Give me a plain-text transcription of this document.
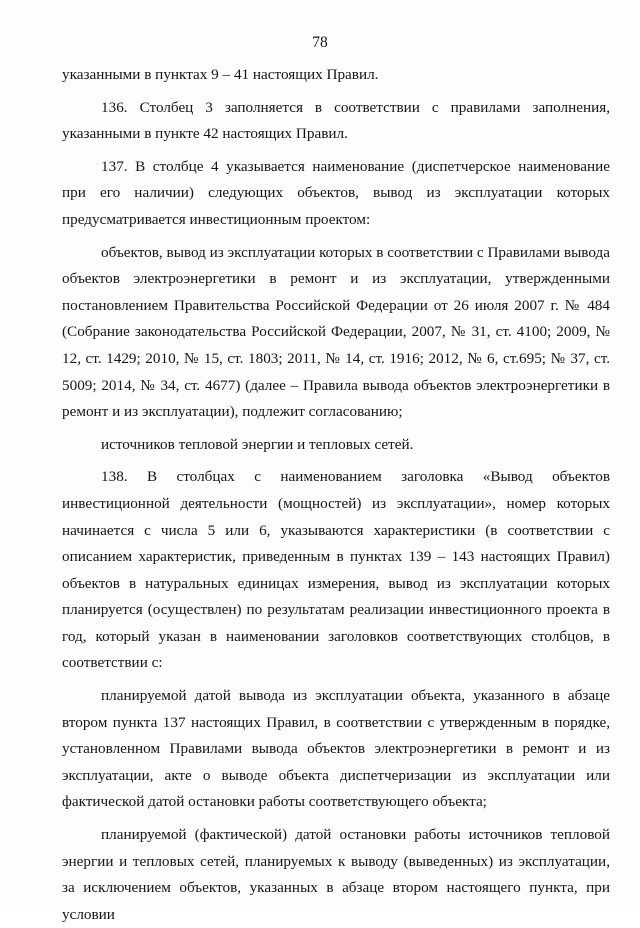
78

указанными в пунктах 9 – 41 настоящих Правил.

136. Столбец 3 заполняется в соответствии с правилами заполнения, указанными в пункте 42 настоящих Правил.

137. В столбце 4 указывается наименование (диспетчерское наименование при его наличии) следующих объектов, вывод из эксплуатации которых предусматривается инвестиционным проектом:

объектов, вывод из эксплуатации которых в соответствии с Правилами вывода объектов электроэнергетики в ремонт и из эксплуатации, утвержденными постановлением Правительства Российской Федерации от 26 июля 2007 г. № 484 (Собрание законодательства Российской Федерации, 2007, № 31, ст. 4100; 2009, № 12, ст. 1429; 2010, № 15, ст. 1803; 2011, № 14, ст. 1916; 2012, № 6, ст.695; № 37, ст. 5009; 2014, № 34, ст. 4677) (далее – Правила вывода объектов электроэнергетики в ремонт и из эксплуатации), подлежит согласованию;

источников тепловой энергии и тепловых сетей.

138. В столбцах с наименованием заголовка «Вывод объектов инвестиционной деятельности (мощностей) из эксплуатации», номер которых начинается с числа 5 или 6, указываются характеристики (в соответствии с описанием характеристик, приведенным в пунктах 139 – 143 настоящих Правил) объектов в натуральных единицах измерения, вывод из эксплуатации которых планируется (осуществлен) по результатам реализации инвестиционного проекта в год, который указан в наименовании заголовков соответствующих столбцов, в соответствии с:

планируемой датой вывода из эксплуатации объекта, указанного в абзаце втором пункта 137 настоящих Правил, в соответствии с утвержденным в порядке, установленном Правилами вывода объектов электроэнергетики в ремонт и из эксплуатации, акте о выводе объекта диспетчеризации из эксплуатации или фактической датой остановки работы соответствующего объекта;

планируемой (фактической) датой остановки работы источников тепловой энергии и тепловых сетей, планируемых к выводу (выведенных) из эксплуатации, за исключением объектов, указанных в абзаце втором настоящего пункта, при условии
